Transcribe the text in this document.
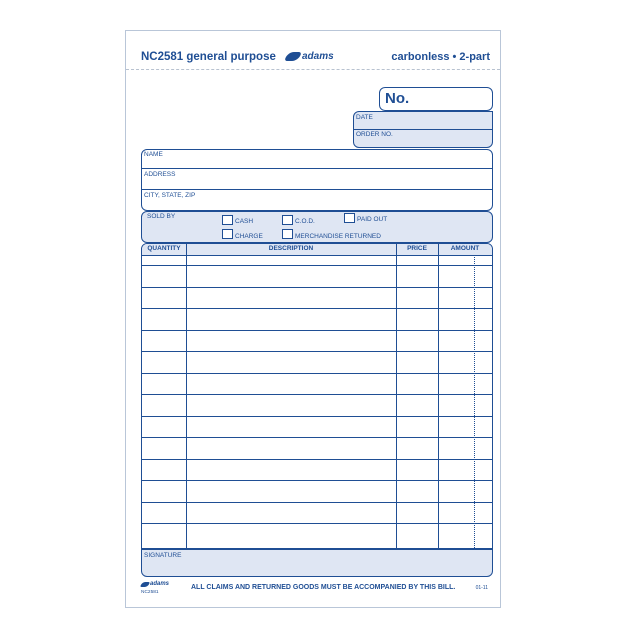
NC2581 general purpose	adams	carbonless • 2-part
No.
DATE
ORDER NO.
NAME
ADDRESS
CITY, STATE, ZIP
SOLD BY
CASH	C.O.D.	PAID OUT
CHARGE	MERCHANDISE RETURNED
QUANTITY	DESCRIPTION	PRICE	AMOUNT
SIGNATURE
adams
NC2581
ALL CLAIMS AND RETURNED GOODS MUST BE ACCOMPANIED BY THIS BILL.	01-11
